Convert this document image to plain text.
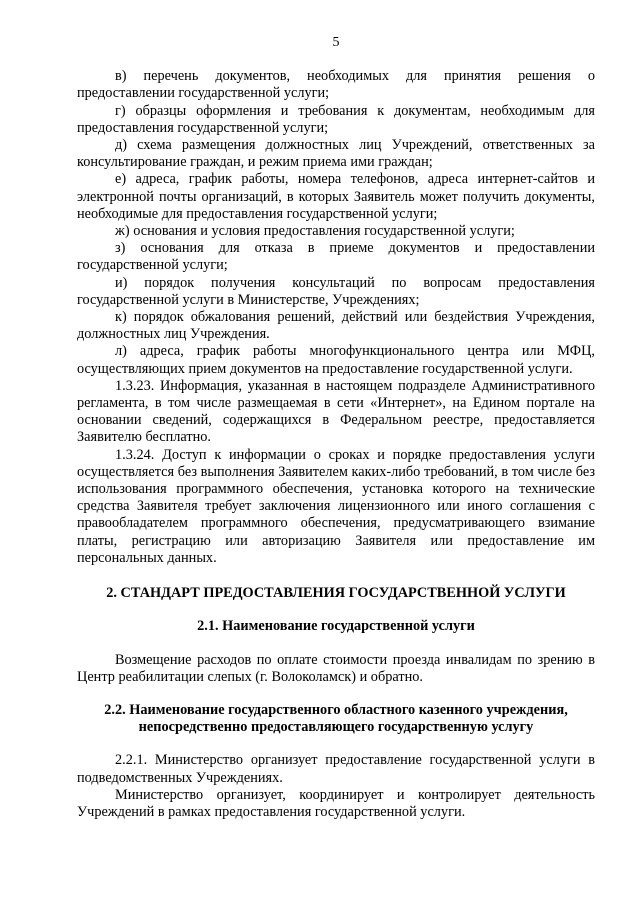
5

в) перечень документов, необходимых для принятия решения о предоставлении государственной услуги;

г) образцы оформления и требования к документам, необходимым для предоставления государственной услуги;

д) схема размещения должностных лиц Учреждений, ответственных за консультирование граждан, и режим приема ими граждан;

е) адреса, график работы, номера телефонов, адреса интернет-сайтов и электронной почты организаций, в которых Заявитель может получить документы, необходимые для предоставления государственной услуги;

ж) основания и условия предоставления государственной услуги;

з) основания для отказа в приеме документов и предоставлении государственной услуги;

и) порядок получения консультаций по вопросам предоставления государственной услуги в Министерстве, Учреждениях;

к) порядок обжалования решений, действий или бездействия Учреждения, должностных лиц Учреждения.

л) адреса, график работы многофункционального центра или МФЦ, осуществляющих прием документов на предоставление государственной услуги.

1.3.23. Информация, указанная в настоящем подразделе Административного регламента, в том числе размещаемая в сети «Интернет», на Едином портале на основании сведений, содержащихся в Федеральном реестре, предоставляется Заявителю бесплатно.

1.3.24. Доступ к информации о сроках и порядке предоставления услуги осуществляется без выполнения Заявителем каких-либо требований, в том числе без использования программного обеспечения, установка которого на технические средства Заявителя требует заключения лицензионного или иного соглашения с правообладателем программного обеспечения, предусматривающего взимание платы, регистрацию или авторизацию Заявителя или предоставление им персональных данных.

2. СТАНДАРТ ПРЕДОСТАВЛЕНИЯ ГОСУДАРСТВЕННОЙ УСЛУГИ
2.1. Наименование государственной услуги

Возмещение расходов по оплате стоимости проезда инвалидам по зрению в Центр реабилитации слепых (г. Волоколамск) и обратно.

2.2. Наименование государственного областного казенного учреждения,
непосредственно предоставляющего государственную услугу

2.2.1. Министерство организует предоставление государственной услуги в подведомственных Учреждениях.

Министерство организует, координирует и контролирует деятельность Учреждений в рамках предоставления государственной услуги.
